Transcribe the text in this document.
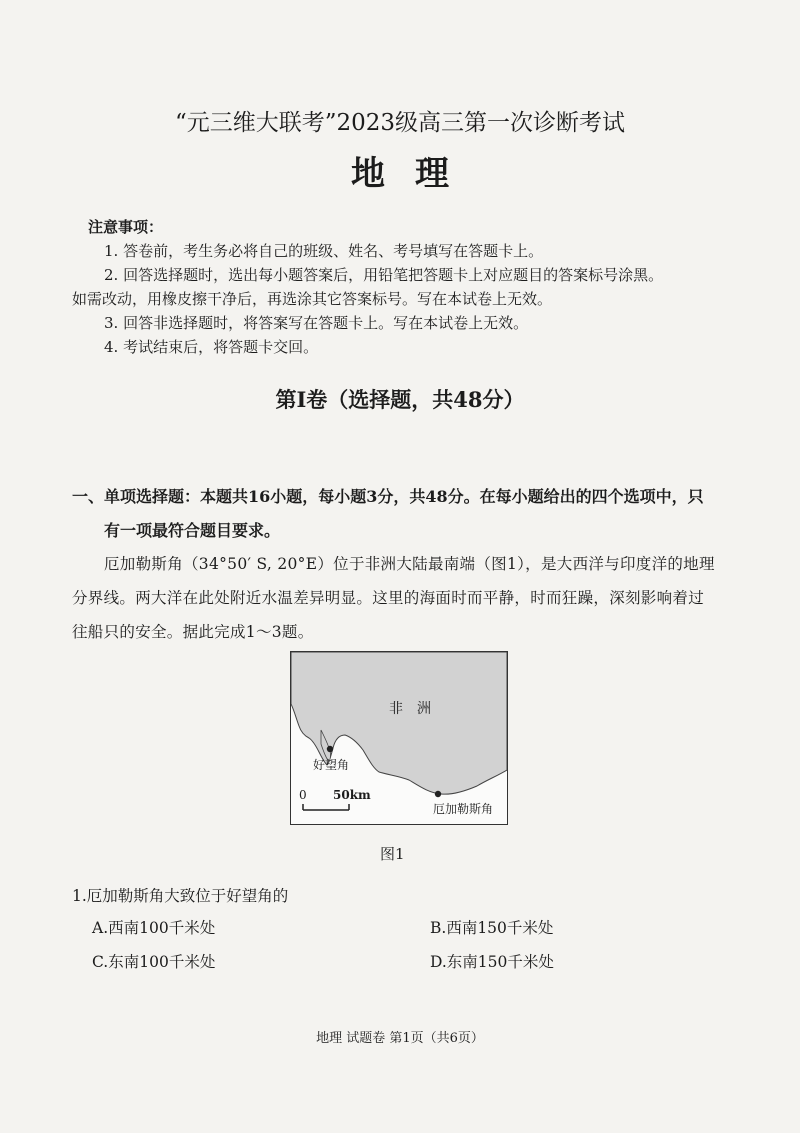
“元三维大联考”2023级高三第一次诊断考试
地理
注意事项：
1. 答卷前，考生务必将自己的班级、姓名、考号填写在答题卡上。
2. 回答选择题时，选出每小题答案后，用铅笔把答题卡上对应题目的答案标号涂黑。
如需改动，用橡皮擦干净后，再选涂其它答案标号。写在本试卷上无效。
3. 回答非选择题时，将答案写在答题卡上。写在本试卷上无效。
4. 考试结束后，将答题卡交回。
第Ⅰ卷（选择题，共48分）
一、单项选择题：本题共16小题，每小题3分，共48分。在每小题给出的四个选项中，只
有一项最符合题目要求。
厄加勒斯角（34°50′ S, 20°E）位于非洲大陆最南端（图1），是大西洋与印度洋的地理
分界线。两大洋在此处附近水温差异明显。这里的海面时而平静，时而狂躁，深刻影响着过
往船只的安全。据此完成1～3题。
非　洲
好望角
厄加勒斯角
0 50km
图1
1.厄加勒斯角大致位于好望角的
A.西南100千米处	B.西南150千米处
C.东南100千米处	D.东南150千米处
地理 试题卷 第1页（共6页）
